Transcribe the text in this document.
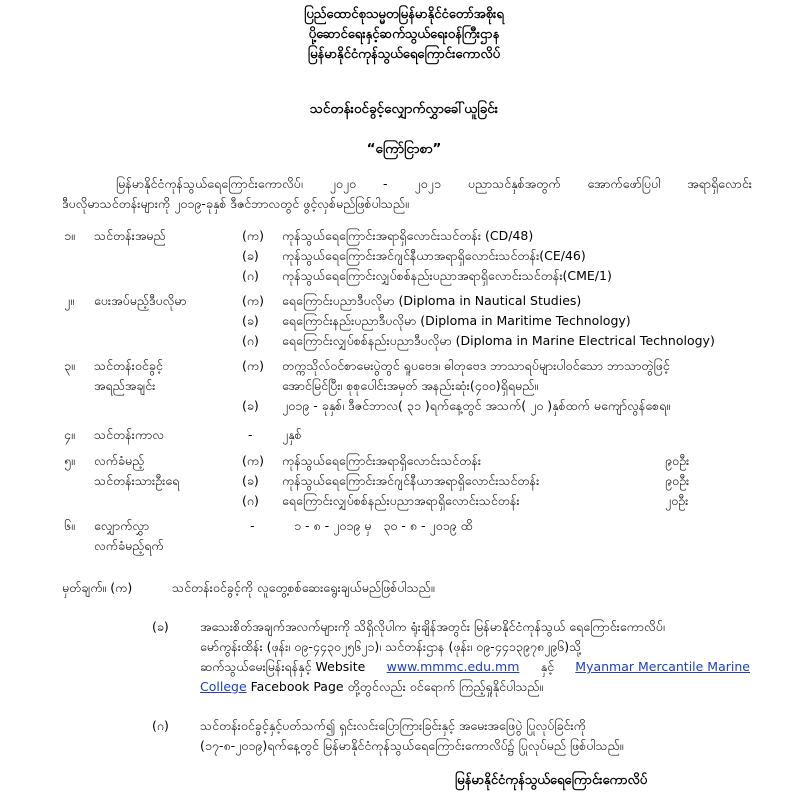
ပြည်ထောင်စုသမ္မတမြန်မာနိုင်ငံတော်အစိုးရ
ပို့ဆောင်ရေးနှင့်ဆက်သွယ်ရေးဝန်ကြီးဌာန
မြန်မာနိုင်ငံကုန်သွယ်ရေကြောင်းကောလိပ်
သင်တန်းဝင်ခွင့်လျှောက်လွှာခေါ်ယူခြင်း
“ကြော်ငြာစာ”
မြန်မာနိုင်ငံကုန်သွယ်ရေကြောင်းကောလိပ်၊ ၂၀၂၀ - ၂၀၂၁ ပညာသင်နှစ်အတွက် အောက်ဖော်ပြပါ အရာရှိလောင်း
ဒီပလိုမာသင်တန်းများကို ၂၀၁၉-ခုနှစ် ဒီဇင်ဘာလတွင် ဖွင့်လှစ်မည်ဖြစ်ပါသည်။
၁။ သင်တန်းအမည်	(က) ကုန်သွယ်ရေကြောင်းအရာရှိလောင်းသင်တန်း (CD/48)
(ခ) ကုန်သွယ်ရေကြောင်းအင်ဂျင်နီယာအရာရှိလောင်းသင်တန်း(CE/46)
(ဂ) ကုန်သွယ်ရေကြောင်းလျှပ်စစ်နည်းပညာအရာရှိလောင်းသင်တန်း(CME/1)
၂။ ပေးအပ်မည့်ဒီပလိုမာ	(က) ရေကြောင်းပညာဒီပလိုမာ (Diploma in Nautical Studies)
(ခ) ရေကြောင်းနည်းပညာဒီပလိုမာ (Diploma in Maritime Technology)
(ဂ) ရေကြောင်းလျှပ်စစ်နည်းပညာဒီပလိုမာ (Diploma in Marine Electrical Technology)
၃။ သင်တန်းဝင်ခွင့်
အရည်အချင်း
(က) တက္ကသိုလ်ဝင်စာမေးပွဲတွင် ရူပဗေဒ၊ ဓါတုဗေဒ ဘာသာရပ်များပါဝင်သော ဘာသာတွဲဖြင့်
အောင်မြင်ပြီး၊ စုစုပေါင်းအမှတ် အနည်းဆုံး(၄၀၀)ရှိရမည်။
(ခ) ၂၀၁၉ - ခုနှစ်၊ ဒီဇင်ဘာလ( ၃၁ )ရက်နေ့တွင် အသက်( ၂၀ )နှစ်ထက် မကျော်လွန်စေရ။
၄။ သင်တန်းကာလ	- ၂နှစ်
၅။ လက်ခံမည့်
သင်တန်းသားဦးရေ
(က) ကုန်သွယ်ရေကြောင်းအရာရှိလောင်းသင်တန်း	၉၀ဦး
(ခ) ကုန်သွယ်ရေကြောင်းအင်ဂျင်နီယာအရာရှိလောင်းသင်တန်း	၉၀ဦး
(ဂ) ရေကြောင်းလျှပ်စစ်နည်းပညာအရာရှိလောင်းသင်တန်း	၂၀ဦး
၆။ လျှောက်လွှာ
လက်ခံမည့်ရက်
-	၁ - ၈ - ၂၀၁၉ မှ   ၃၀ - ၈ - ၂၀၁၉ ထိ
မှတ်ချက်။ (က)	သင်တန်းဝင်ခွင့်ကို လူတွေ့စစ်ဆေးရွေးချယ်မည်ဖြစ်ပါသည်။
(ခ) အသေးစိတ်အချက်အလက်များကို သိရှိလိုပါက ရုံးချိန်အတွင်း မြန်မာနိုင်ငံကုန်သွယ် ရေကြောင်းကောလိပ်၊
မော်ကွန်းထိန်း (ဖုန်း၊ ၀၉-၄၄၃၀၂၅၆၂၁)၊ သင်တန်းဌာန (ဖုန်း၊ ၀၉-၄၄၁၃၉၇၈၂၉၆)သို့
ဆက်သွယ်မေးမြန်းရန်နှင့် Website www.mmmc.edu.mm နှင့် Myanmar Mercantile Marine
College Facebook Page တို့တွင်လည်း ဝင်ရောက် ကြည့်ရှုနိုင်ပါသည်။
(ဂ) သင်တန်းဝင်ခွင့်နှင့်ပတ်သက်၍ ရှင်းလင်းပြောကြားခြင်းနှင့် အမေးအဖြေပွဲ ပြုလုပ်ခြင်းကို
(၁၇-၈-၂၀၁၉)ရက်နေ့တွင် မြန်မာနိုင်ငံကုန်သွယ်ရေကြောင်းကောလိပ်၌ ပြုလုပ်မည် ဖြစ်ပါသည်။
မြန်မာနိုင်ငံကုန်သွယ်ရေကြောင်းကောလိပ်
